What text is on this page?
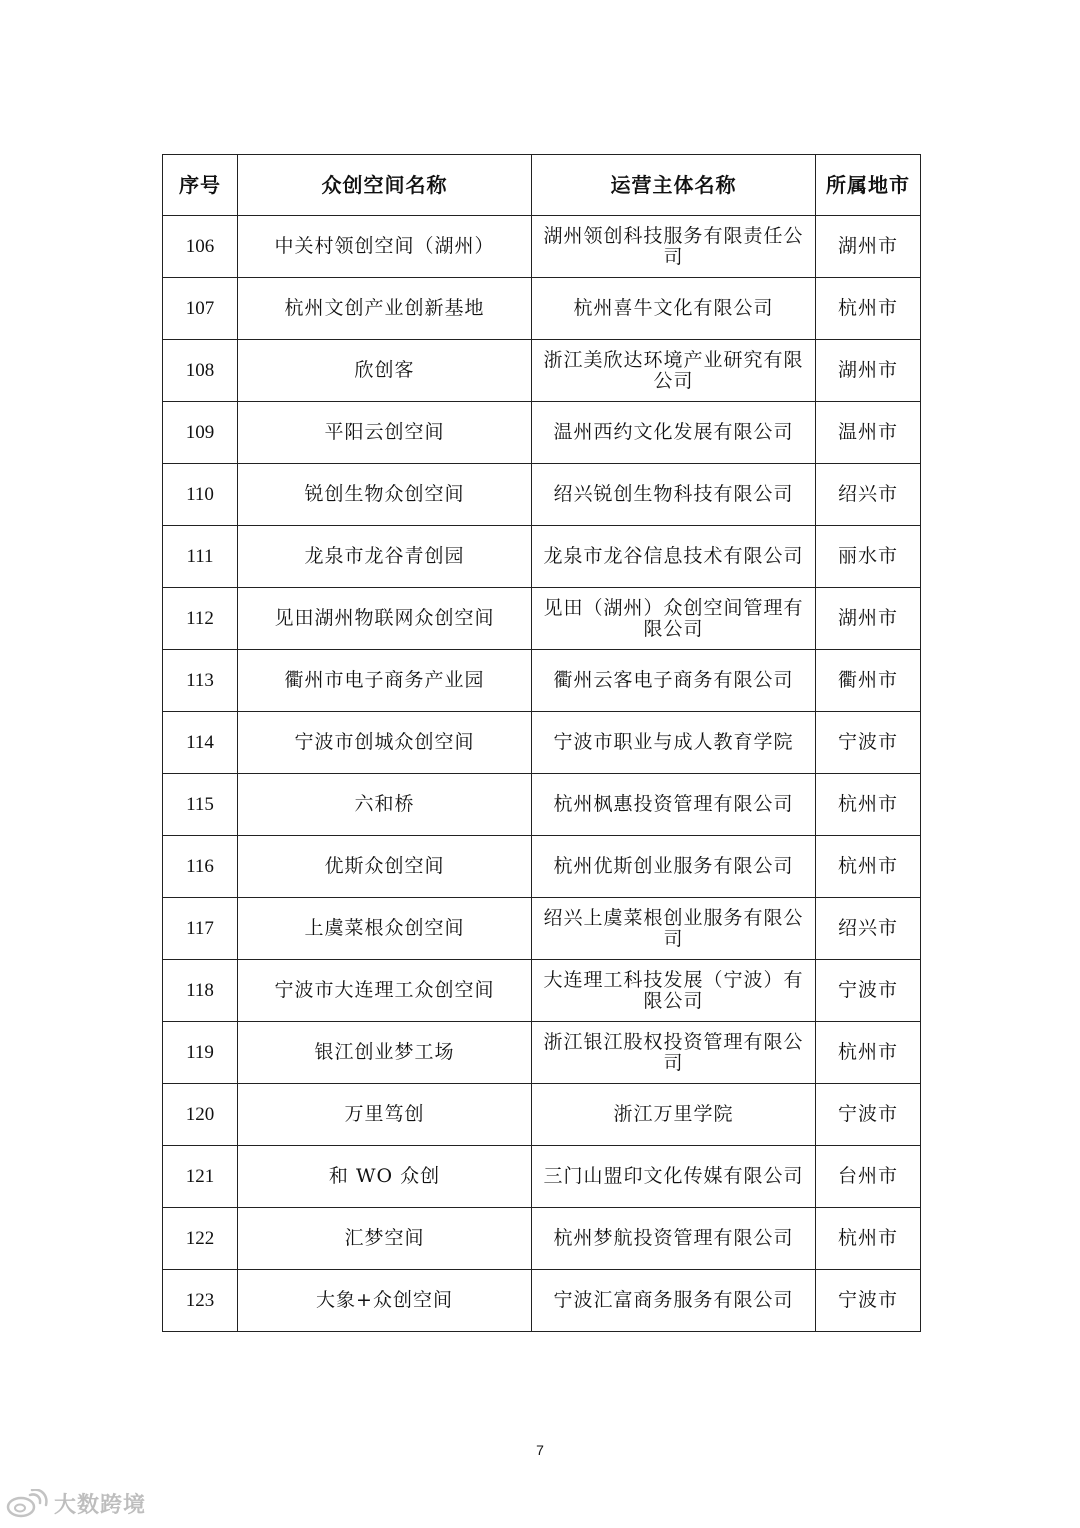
序号	众创空间名称	运营主体名称	所属地市
106	中关村领创空间（湖州）	湖州领创科技服务有限责任公司	湖州市
107	杭州文创产业创新基地	杭州喜牛文化有限公司	杭州市
108	欣创客	浙江美欣达环境产业研究有限公司	湖州市
109	平阳云创空间	温州西约文化发展有限公司	温州市
110	锐创生物众创空间	绍兴锐创生物科技有限公司	绍兴市
111	龙泉市龙谷青创园	龙泉市龙谷信息技术有限公司	丽水市
112	见田湖州物联网众创空间	见田（湖州）众创空间管理有限公司	湖州市
113	衢州市电子商务产业园	衢州云客电子商务有限公司	衢州市
114	宁波市创城众创空间	宁波市职业与成人教育学院	宁波市
115	六和桥	杭州枫惠投资管理有限公司	杭州市
116	优斯众创空间	杭州优斯创业服务有限公司	杭州市
117	上虞菜根众创空间	绍兴上虞菜根创业服务有限公司	绍兴市
118	宁波市大连理工众创空间	大连理工科技发展（宁波）有限公司	宁波市
119	银江创业梦工场	浙江银江股权投资管理有限公司	杭州市
120	万里笃创	浙江万里学院	宁波市
121	和 WO 众创	三门山盟印文化传媒有限公司	台州市
122	汇梦空间	杭州梦航投资管理有限公司	杭州市
123	大象+众创空间	宁波汇富商务服务有限公司	宁波市
7
大数跨境
